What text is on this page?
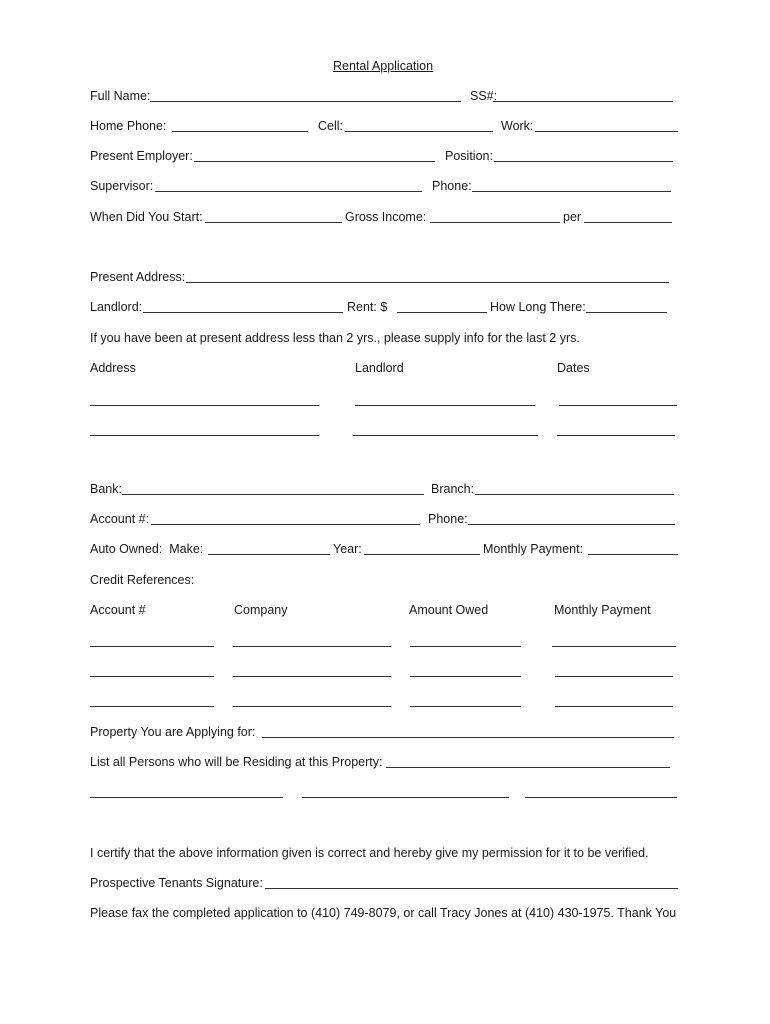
Rental Application
Full Name:	SS#:
Home Phone:	Cell:	Work:
Present Employer:	Position:
Supervisor:	Phone:
When Did You Start:	Gross Income:	per
Present Address:
Landlord:	Rent: $	How Long There:
If you have been at present address less than 2 yrs., please supply info for the last 2 yrs.
Address	Landlord	Dates
Bank:	Branch:
Account #:	Phone:
Auto Owned:  Make:	Year:	Monthly Payment:
Credit References:
Account #	Company	Amount Owed	Monthly Payment
Property You are Applying for:
List all Persons who will be Residing at this Property:
I certify that the above information given is correct and hereby give my permission for it to be verified.
Prospective Tenants Signature:
Please fax the completed application to (410) 749-8079, or call Tracy Jones at (410) 430-1975. Thank You
